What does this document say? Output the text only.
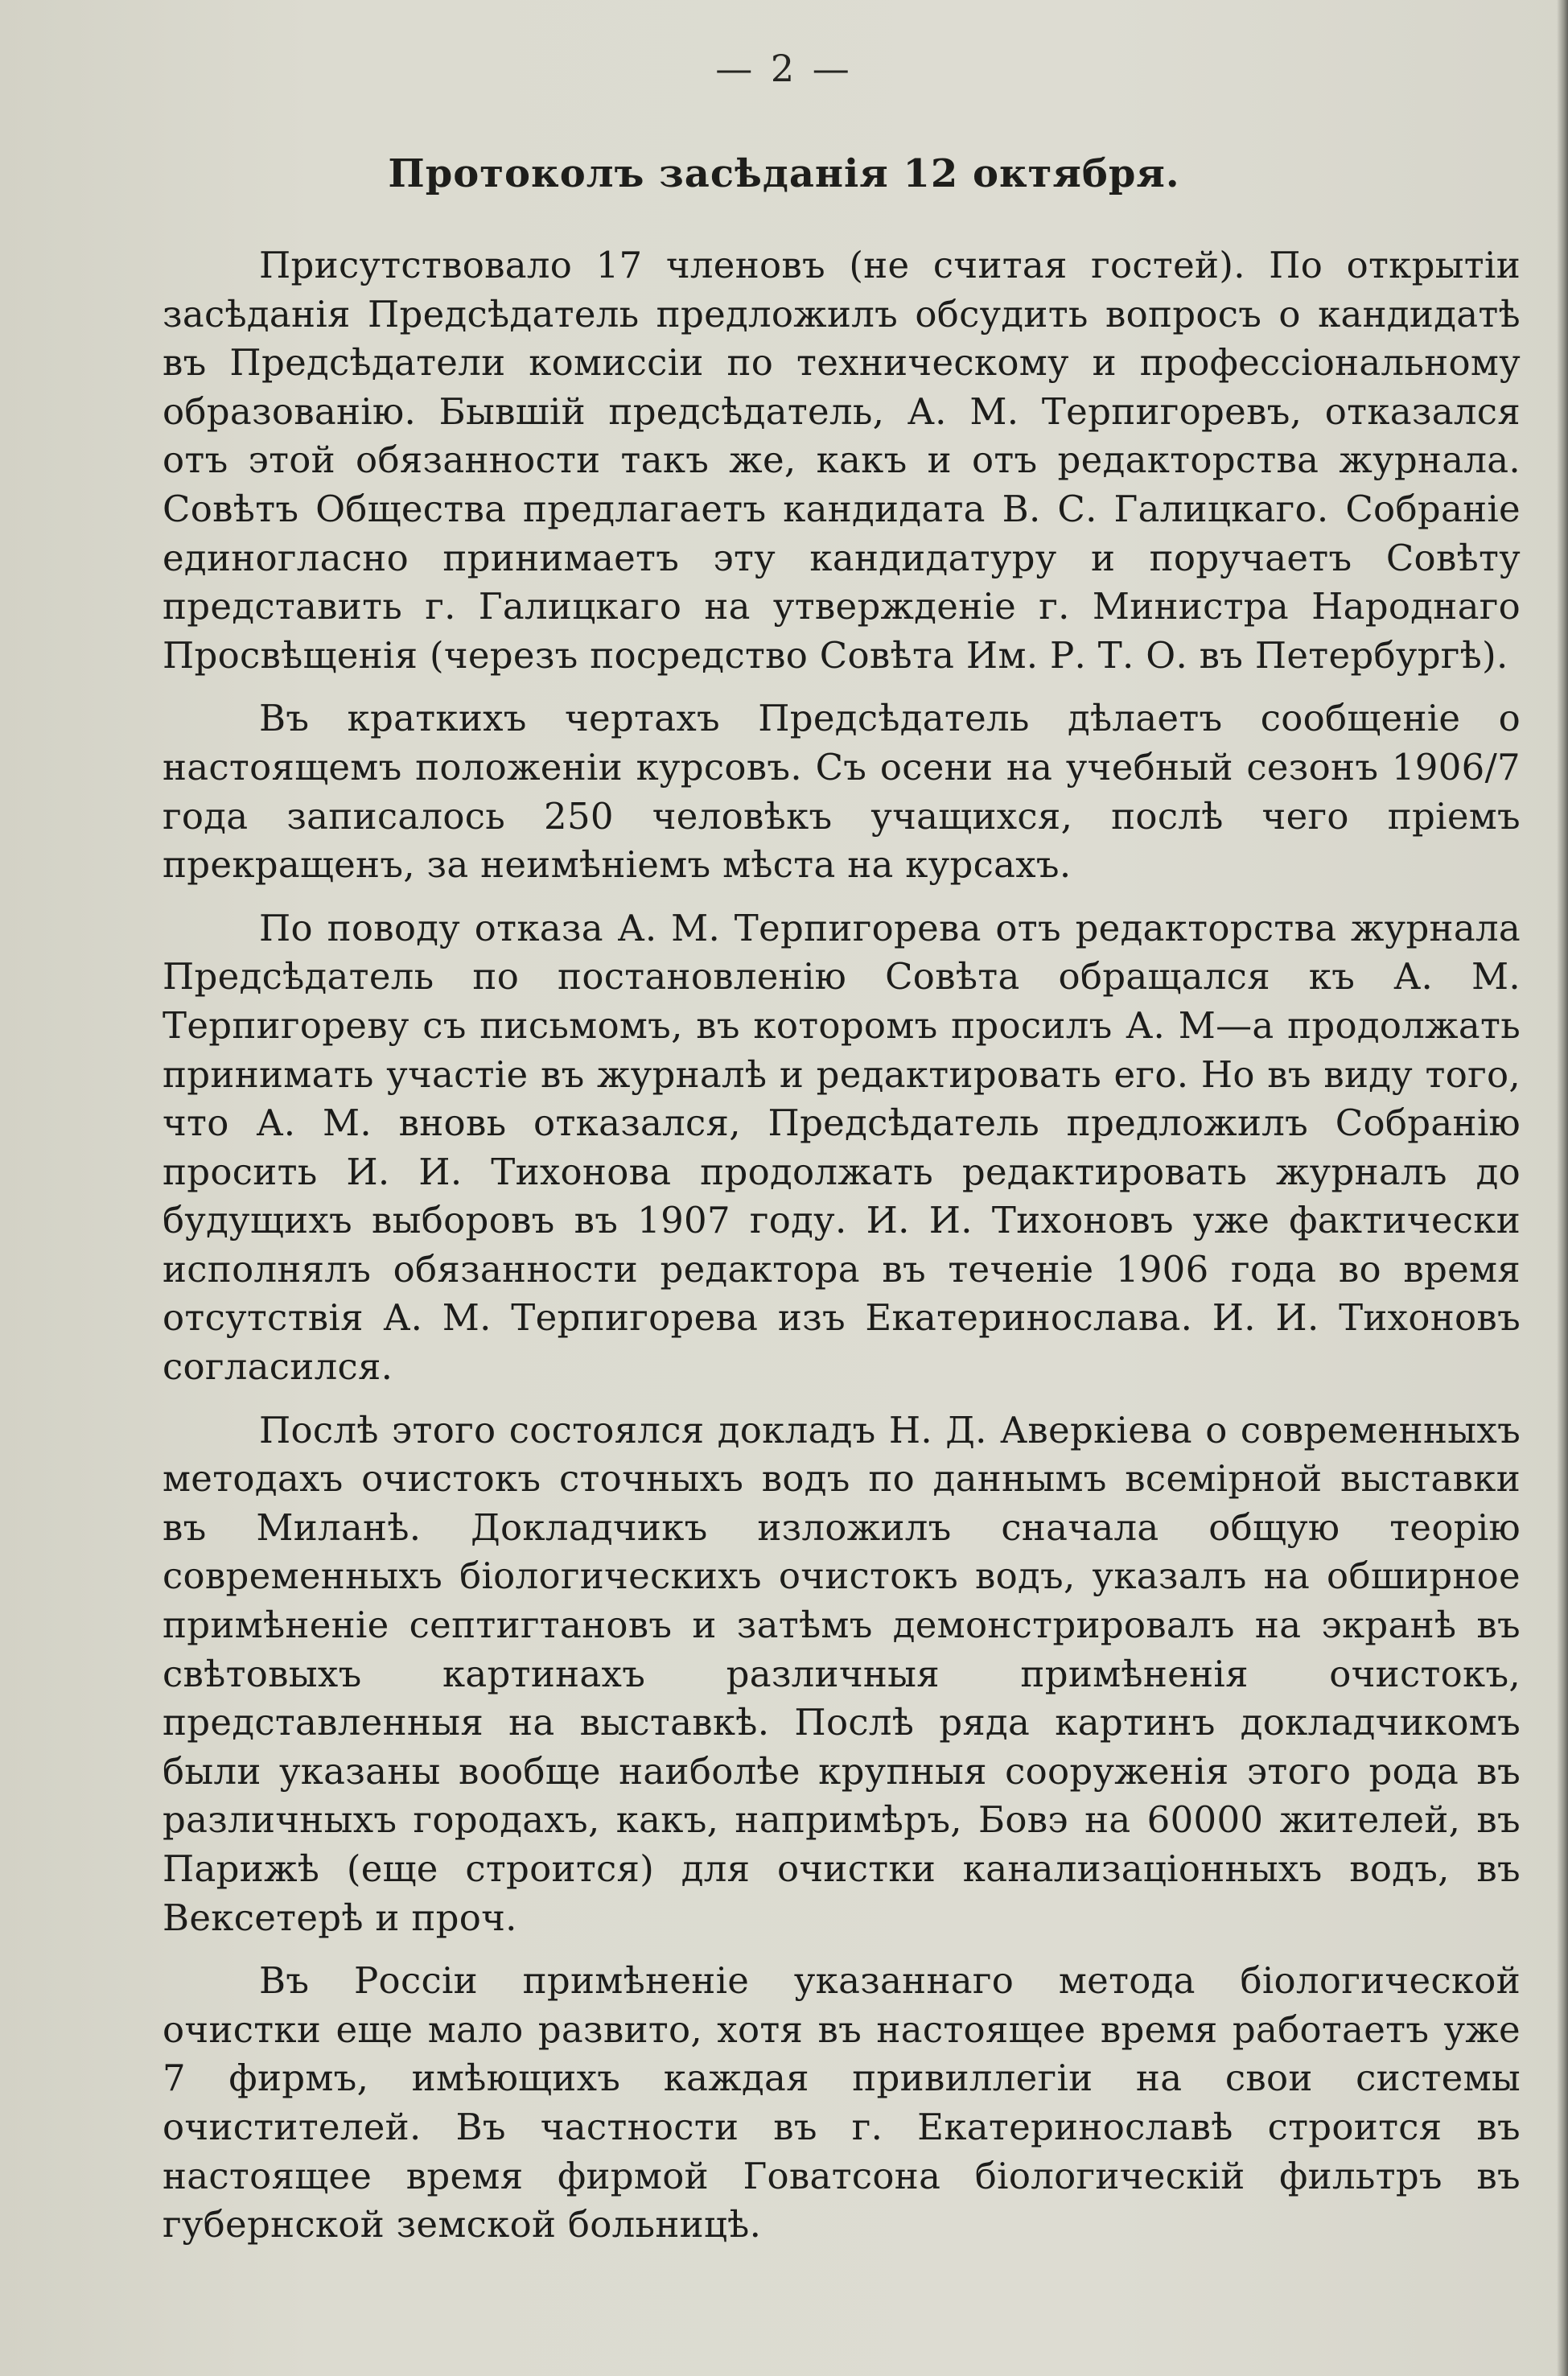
— 2 —
Протоколъ засѣданія 12 октября.

Присутствовало 17 членовъ (не считая гостей). По открытіи засѣданія Предсѣдатель предложилъ обсудить вопросъ о кандидатѣ въ Предсѣдатели комиссіи по техническому и профессіональному образованію. Бывшій предсѣдатель, А. М. Терпигоревъ, отказался отъ этой обязанности такъ же, какъ и отъ редакторства журнала. Совѣтъ Общества предлагаетъ кандидата В. С. Галицкаго. Собраніе единогласно принимаетъ эту кандидатуру и поручаетъ Совѣту представить г. Галицкаго на утвержденіе г. Министра Народнаго Просвѣщенія (черезъ посредство Совѣта Им. Р. Т. О. въ Петербургѣ).

Въ краткихъ чертахъ Предсѣдатель дѣлаетъ сообщеніе о настоящемъ положеніи курсовъ. Съ осени на учебный сезонъ 1906/7 года записалось 250 человѣкъ учащихся, послѣ чего пріемъ прекращенъ, за неимѣніемъ мѣста на курсахъ.

По поводу отказа А. М. Терпигорева отъ редакторства журнала Предсѣдатель по постановленію Совѣта обращался къ А. М. Терпигореву съ письмомъ, въ которомъ просилъ А. М—а продолжать принимать участіе въ журналѣ и редактировать его. Но въ виду того, что А. М. вновь отказался, Предсѣдатель предложилъ Собранію просить И. И. Тихонова продолжать редактировать журналъ до будущихъ выборовъ въ 1907 году. И. И. Тихоновъ уже фактически исполнялъ обязанности редактора въ теченіе 1906 года во время отсутствія А. М. Терпигорева изъ Екатеринослава. И. И. Тихоновъ согласился.

Послѣ этого состоялся докладъ Н. Д. Аверкіева о современныхъ методахъ очистокъ сточныхъ водъ по даннымъ всемірной выставки въ Миланѣ. Докладчикъ изложилъ сначала общую теорію современныхъ біологическихъ очистокъ водъ, указалъ на обширное примѣненіе септигтановъ и затѣмъ демонстрировалъ на экранѣ въ свѣтовыхъ картинахъ различныя примѣненія очистокъ, представленныя на выставкѣ. Послѣ ряда картинъ докладчикомъ были указаны вообще наиболѣе крупныя сооруженія этого рода въ различныхъ городахъ, какъ, напримѣръ, Бовэ на 60000 жителей, въ Парижѣ (еще строится) для очистки канализаціонныхъ водъ, въ Вексетерѣ и проч.

Въ Россіи примѣненіе указаннаго метода біологической очистки еще мало развито, хотя въ настоящее время работаетъ уже 7 фирмъ, имѣющихъ каждая привиллегіи на свои системы очистителей. Въ частности въ г. Екатеринославѣ строится въ настоящее время фирмой Говатсона біологическій фильтръ въ губернской земской больницѣ.
